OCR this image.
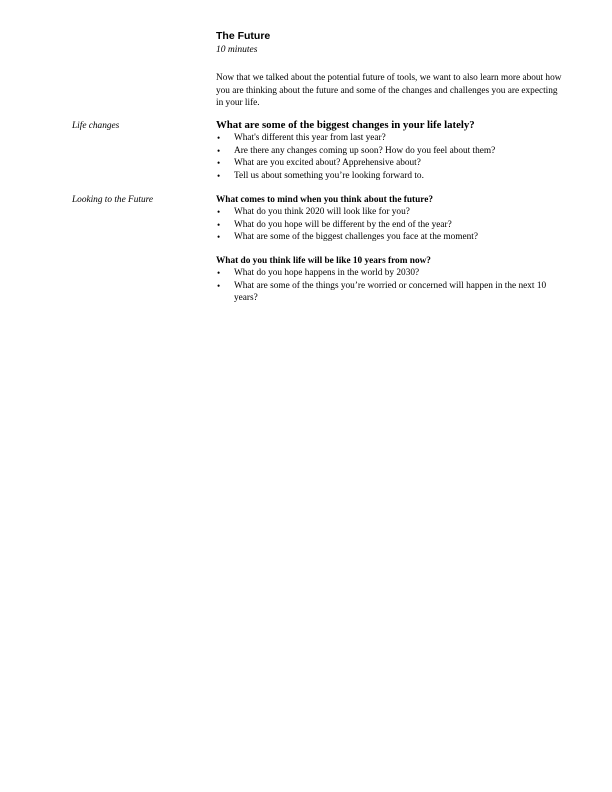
The Future
10 minutes

Now that we talked about the potential future of tools, we want to also learn more about how you are thinking about the future and some of the changes and challenges you are expecting in your life.

Life changes	What are some of the biggest changes in your life lately?

• What's different this year from last year?
• Are there any changes coming up soon? How do you feel about them?
• What are you excited about? Apprehensive about?
• Tell us about something you’re looking forward to.
Looking to the Future	What comes to mind when you think about the future?

• What do you think 2020 will look like for you?
• What do you hope will be different by the end of the year?
• What are some of the biggest challenges you face at the moment?

What do you think life will be like 10 years from now?

• What do you hope happens in the world by 2030?
• What are some of the things you’re worried or concerned will happen in the next 10 years?
